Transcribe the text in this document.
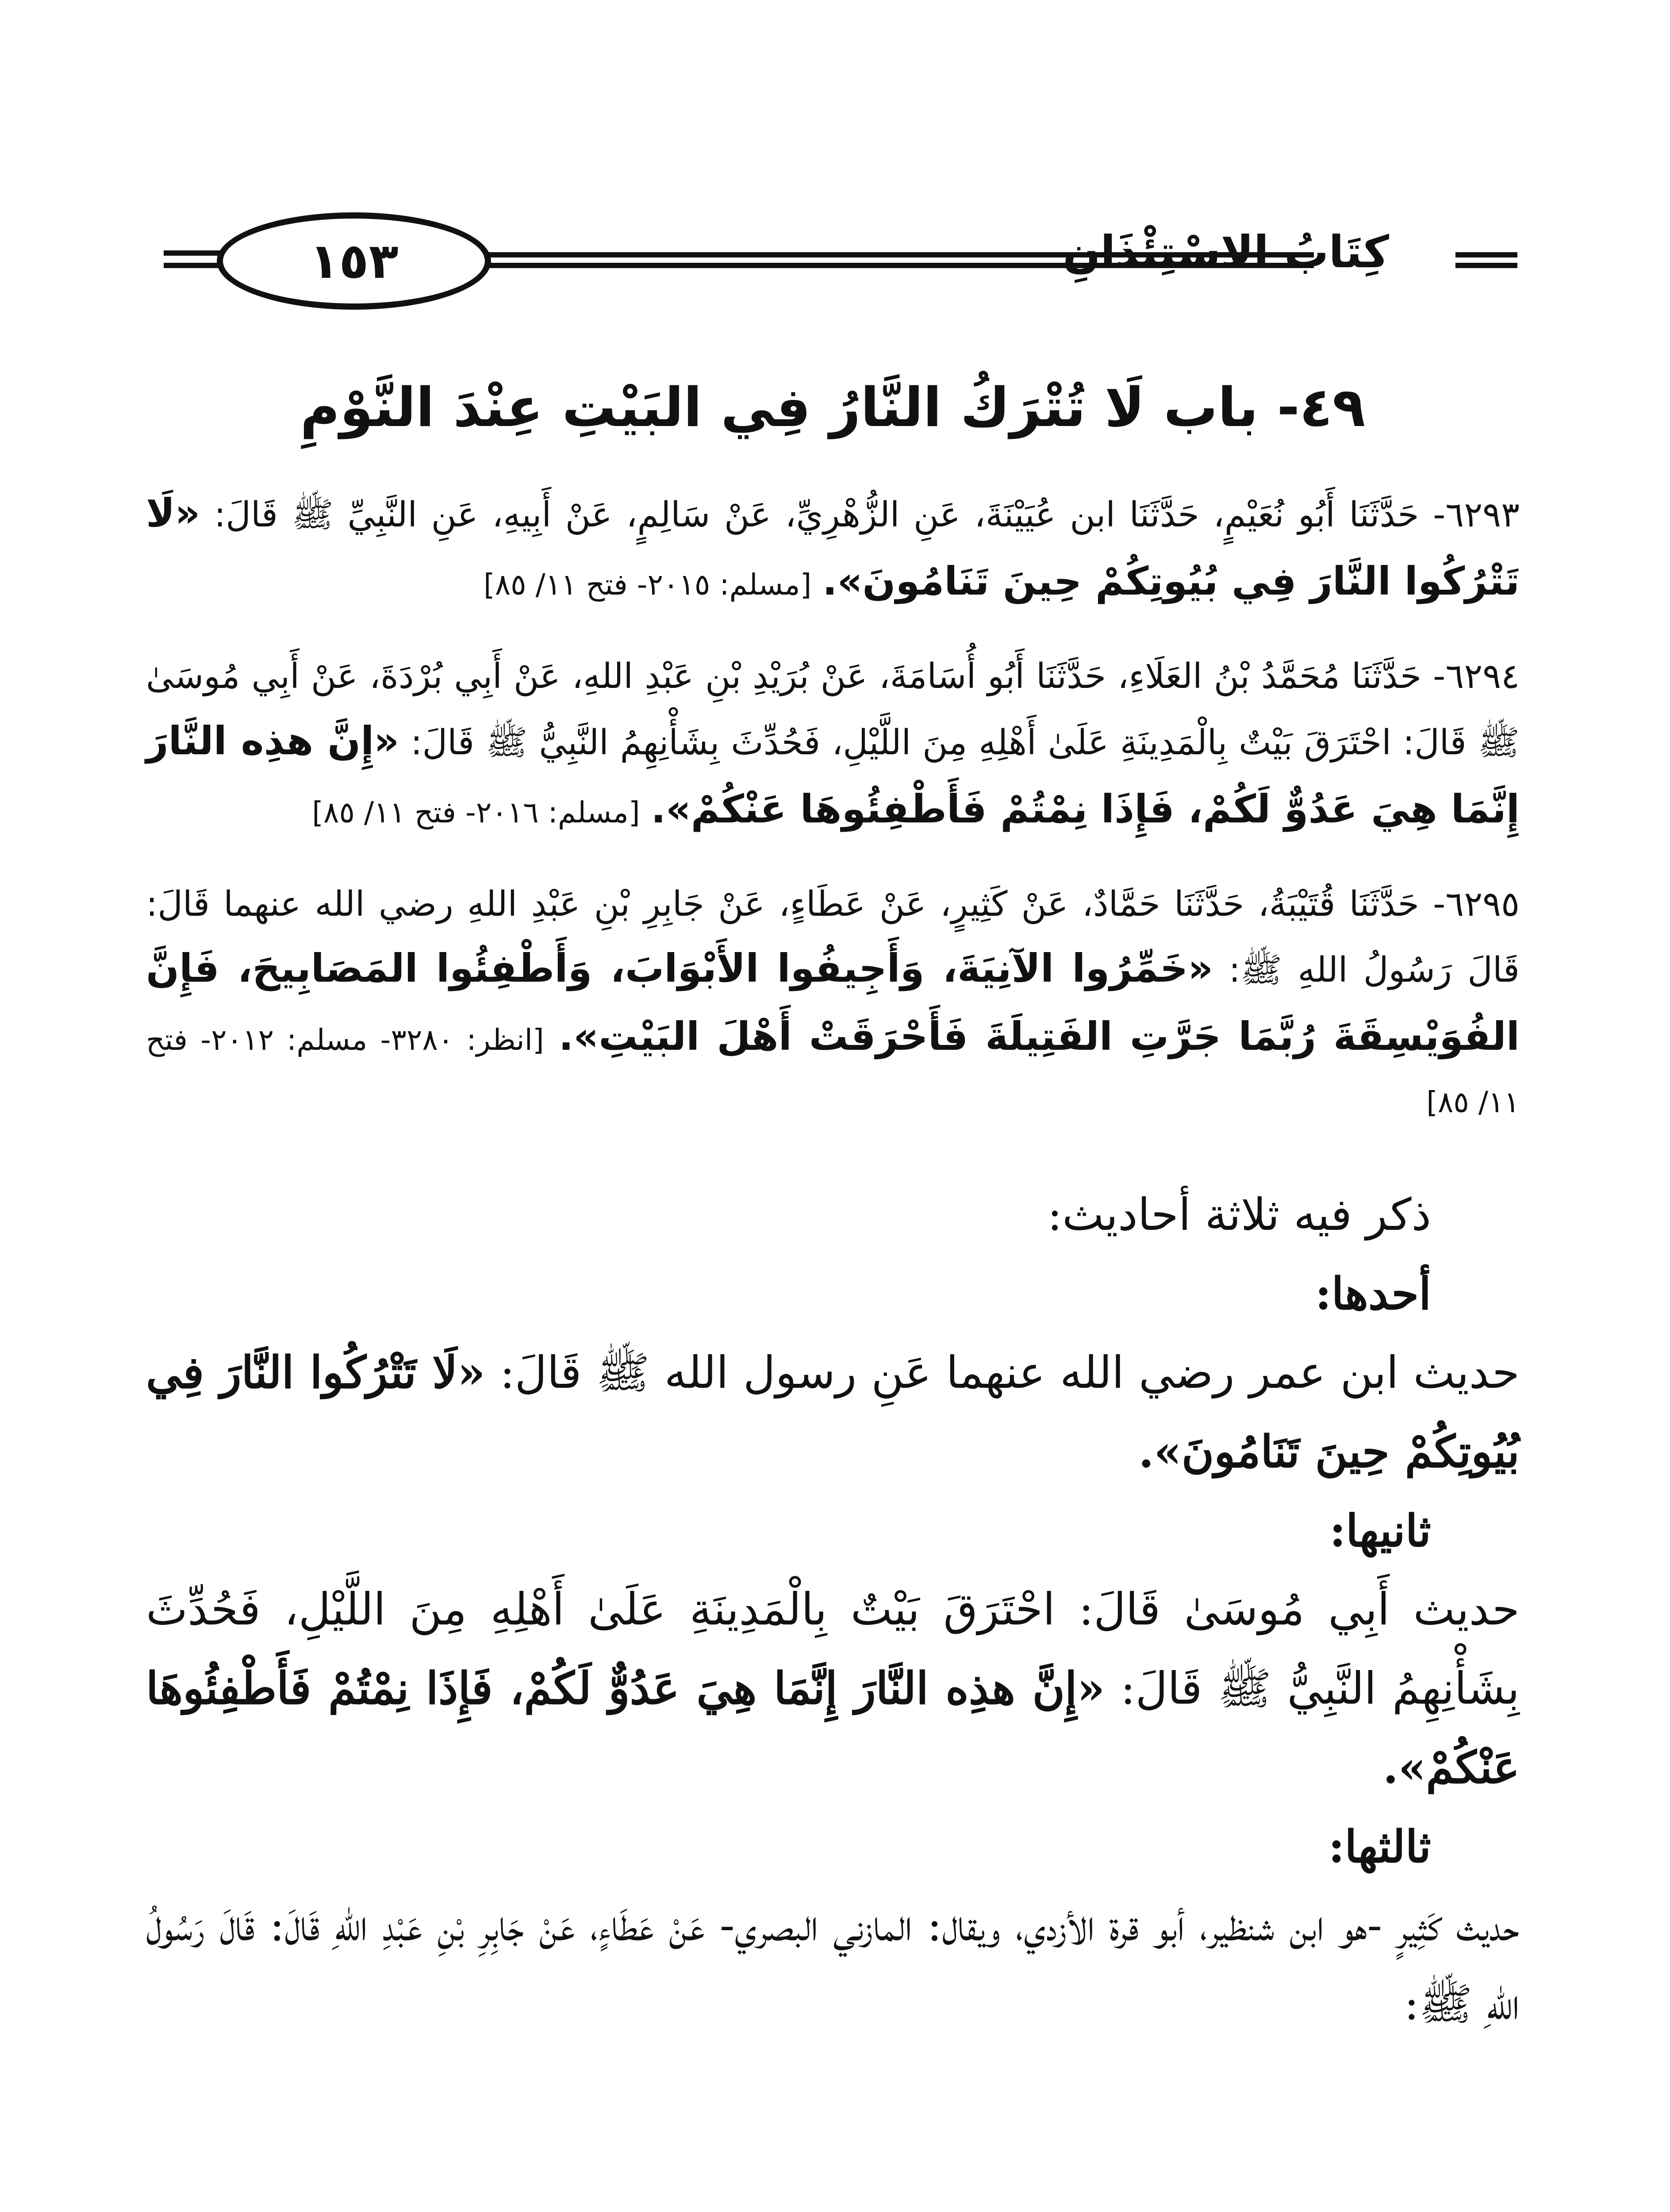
١٥٣	كِتَابُ الاسْتِئْذَانِ
٤٩- باب لَا تُتْرَكُ النَّارُ فِي البَيْتِ عِنْدَ النَّوْمِ

٦٢٩٣- حَدَّثَنَا أَبُو نُعَيْمٍ، حَدَّثَنَا ابن عُيَيْنَةَ، عَنِ الزُّهْرِيِّ، عَنْ سَالِمٍ، عَنْ أَبِيهِ، عَنِ النَّبِيِّ ﷺ قَالَ: «لَا تَتْرُكُوا النَّارَ فِي بُيُوتِكُمْ حِينَ تَنَامُونَ». [مسلم: ٢٠١٥- فتح ١١/ ٨٥]

٦٢٩٤- حَدَّثَنَا مُحَمَّدُ بْنُ العَلَاءِ، حَدَّثَنَا أَبُو أُسَامَةَ، عَنْ بُرَيْدِ بْنِ عَبْدِ اللهِ، عَنْ أَبِي بُرْدَةَ، عَنْ أَبِي مُوسَىٰ ﷺ قَالَ: احْتَرَقَ بَيْتٌ بِالْمَدِينَةِ عَلَىٰ أَهْلِهِ مِنَ اللَّيْلِ، فَحُدِّثَ بِشَأْنِهِمُ النَّبِيُّ ﷺ قَالَ: «إِنَّ هذِه النَّارَ إِنَّمَا هِيَ عَدُوٌّ لَكُمْ، فَإِذَا نِمْتُمْ فَأَطْفِئُوهَا عَنْكُمْ». [مسلم: ٢٠١٦- فتح ١١/ ٨٥]

٦٢٩٥- حَدَّثَنَا قُتَيْبَةُ، حَدَّثَنَا حَمَّادٌ، عَنْ كَثِيرٍ، عَنْ عَطَاءٍ، عَنْ جَابِرِ بْنِ عَبْدِ اللهِ رضي الله عنهما قَالَ: قَالَ رَسُولُ اللهِ ﷺ: «خَمِّرُوا الآنِيَةَ، وَأَجِيفُوا الأَبْوَابَ، وَأَطْفِئُوا المَصَابِيحَ، فَإِنَّ الفُوَيْسِقَةَ رُبَّمَا جَرَّتِ الفَتِيلَةَ فَأَحْرَقَتْ أَهْلَ البَيْتِ». [انظر: ٣٢٨٠- مسلم: ٢٠١٢- فتح ١١/ ٨٥]

ذكر فيه ثلاثة أحاديث:

أحدها:

حديث ابن عمر رضي الله عنهما عَنِ رسول الله ﷺ قَالَ: «لَا تَتْرُكُوا النَّارَ فِي بُيُوتِكُمْ حِينَ تَنَامُونَ».

ثانيها:

حديث أَبِي مُوسَىٰ قَالَ: احْتَرَقَ بَيْتٌ بِالْمَدِينَةِ عَلَىٰ أَهْلِهِ مِنَ اللَّيْلِ، فَحُدِّثَ بِشَأْنِهِمُ النَّبِيُّ ﷺ قَالَ: «إِنَّ هذِه النَّارَ إِنَّمَا هِيَ عَدُوٌّ لَكُمْ، فَإِذَا نِمْتُمْ فَأَطْفِئُوهَا عَنْكُمْ».

ثالثها:

حديث كَثِيرٍ -هو ابن شنظير، أبو قرة الأزدي، ويقال: المازني البصري- عَنْ عَطَاءٍ، عَنْ جَابِرِ بْنِ عَبْدِ اللهِ قَالَ: قَالَ رَسُولُ اللهِ ﷺ:
